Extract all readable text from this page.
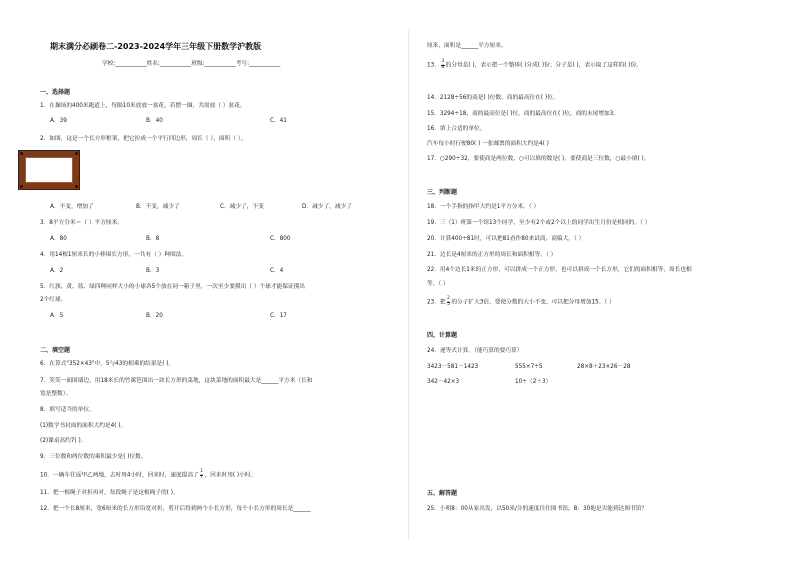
期末满分必刷卷二-2023-2024学年三年级下册数学沪教版
学校:___________姓名:___________班级:___________考号:___________
一、选择题
1．在操场的400米跑道上，每隔10米放放一盆花，若摆一圈，共需放（ ）盆花。
A．39	B．40	C．41
2．如图，这是一个长方形框架，把它拉成一个平行四边形，周长（ ），面积（ ）。
A．不变，增加了	B．不变，减少了	C．减少了，不变	D．减少了，减少了
3．8平方分米＝（ ）平方厘米。
A．80	B．8	C．800
4．用14根1厘米长的小棒围长方形，一共有（ ）种围法。
A．2	B．3	C．4
5．红旗、黄、蓝、绿四种同样大小的小球各5个放在同一箱子里，一次至少要摸出（ ）个球才能保证摸出
2个红球。
A．5	B．20	C．17
二、填空题
6．在算式"352×43"中，5与43的相乘的结果是( )。
7．笑笑一面围墙边，用18米长的竹篱笆围出一块长方形的菜地，这块菜地的面积最大是______平方米（长和
宽是整数）。
8．填写适当的单位。
(1)数学书封面的面积大约是4( )。
(2)课桌高约7( )。
9．三位数和两位数的乘积最少是( )位数。
10．一辆车往返甲乙两地，去时用4小时，回来时，速度提高了 $\frac{1}{7}$ ，回来时用( )小时。
11．把一根绳子对折再对，每段绳子是这根绳子的( )。
12．把一个长8厘米，宽6厘米的长方形沿宽对折，剪开后得到两个小长方形，每个小长方形的周长是______
厘米，面积是______平方厘米。
13． $\frac{3}{8}$ 的分母是( )，表示把一个整体( )分成( )份；分子是( )，表示取了这样的( )份。
14．2128÷56的商是( )位数，商的最高位在( )位。
15．3294÷18，商的最高位是( )位，商的最高位在( )位，商的末尾增加3。
16．填上合适的单位。
汽车每小时行驶80( ) 一张邮票的面积大约是4( )
17．○290÷32，要使商是两位数，○可以填的数是( )，要使商是三位数，○最小填( )。
三、判断题
18．一个手指的指甲大约是1平方分米。（ ）
19．三（1）班第一个组13个同学，至少有2个或2个以上的同学出生月份是相同的。（ ）
20．计算400÷81时，可以把81看作80来试商，商偏大。（ ）
21．边长是4厘米的正方形的周长和面积相等。（ ）
22．用4个边长1米的正方形，可以拼成一个正方形，也可以拼成一个长方形，它们的面积相等，周长也相
等。（ ）
23．把 $\frac{2}{5}$ 的分子扩大3倍，要使分数的大小不变，可以把分母增加15。（ ）
四、计算题
24．递等式计算。（能巧算的要巧算）
3423－581－1423	555×7÷5	28×8＋23×26－28
342－42×3	10÷（2＋3）
五、解答题
25．小明8：00从家出发，以50米/分的速度往往图书馆，8：30他是否能到达图书馆？
